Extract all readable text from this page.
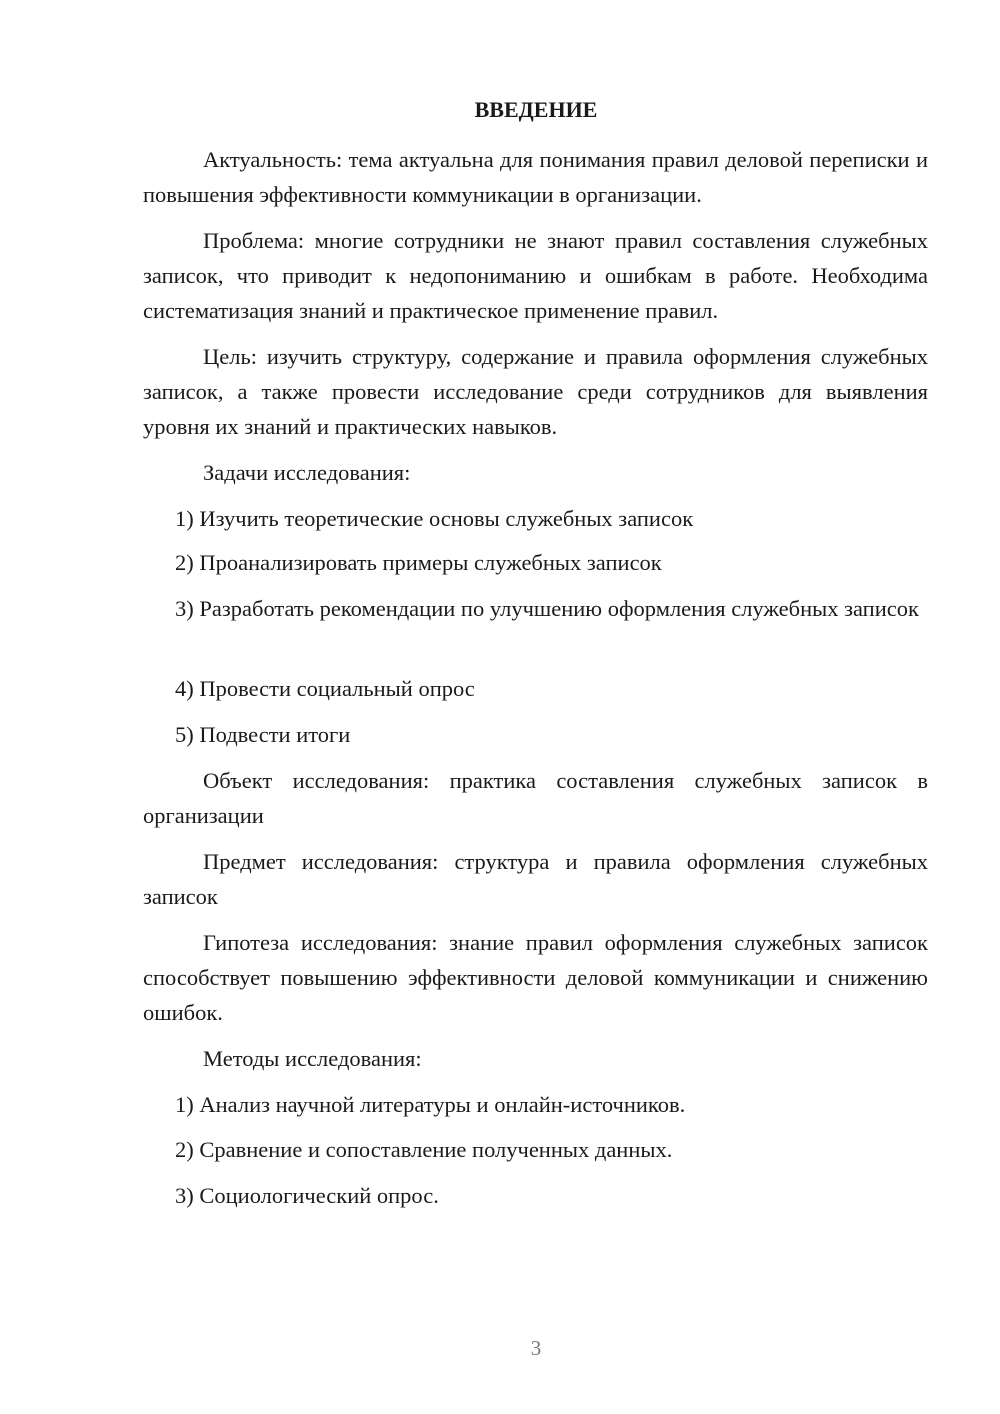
ВВЕДЕНИЕ

Актуальность: тема актуальна для понимания правил деловой переписки и повышения эффективности коммуникации в организации.

Проблема: многие сотрудники не знают правил составления служебных записок, что приводит к недопониманию и ошибкам в работе. Необходима систематизация знаний и практическое применение правил.

Цель: изучить структуру, содержание и правила оформления служебных записок, а также провести исследование среди сотрудников для выявления уровня их знаний и практических навыков.

Задачи исследования:

1) Изучить теоретические основы служебных записок

2) Проанализировать примеры служебных записок

3) Разработать рекомендации по улучшению оформления служебных записок

4) Провести социальный опрос

5) Подвести итоги

Объект исследования: практика составления служебных записок в организации

Предмет исследования: структура и правила оформления служебных записок

Гипотеза исследования: знание правил оформления служебных записок способствует повышению эффективности деловой коммуникации и снижению ошибок.

Методы исследования:

1) Анализ научной литературы и онлайн-источников.

2) Сравнение и сопоставление полученных данных.

3) Социологический опрос.

3
